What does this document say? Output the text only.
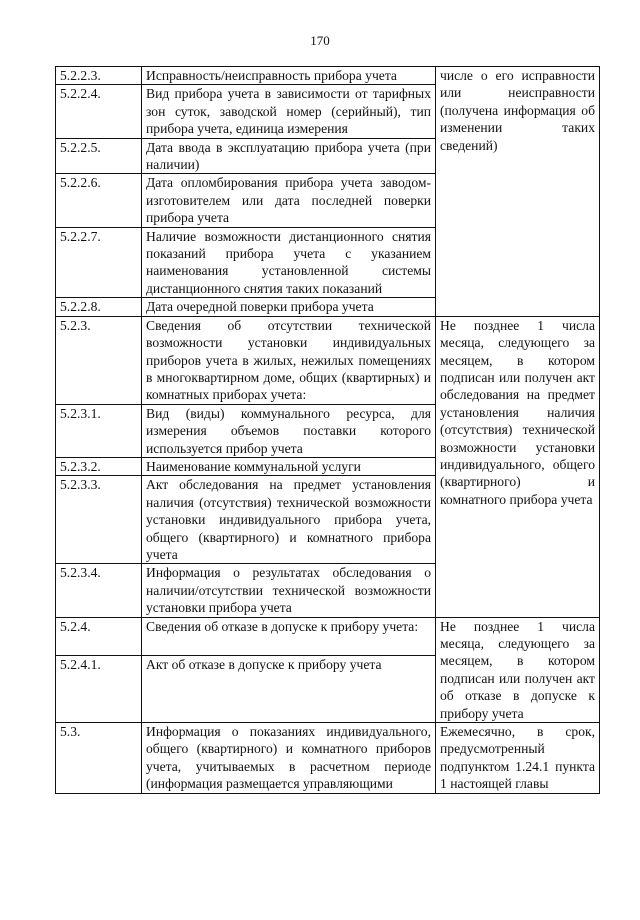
170
5.2.2.3.	Исправность/неисправность прибора учета	числе о его исправности или неисправности (получена информация об изменении таких сведений)
5.2.2.4.	Вид прибора учета в зависимости от тарифных зон суток, заводской номер (серийный), тип прибора учета, единица измерения	
5.2.2.5.	Дата ввода в эксплуатацию прибора учета (при наличии)	
5.2.2.6.	Дата опломбирования прибора учета заводом-изготовителем или дата последней поверки прибора учета	
5.2.2.7.	Наличие возможности дистанционного снятия показаний прибора учета с указанием наименования установленной системы дистанционного снятия таких показаний	
5.2.2.8.	Дата очередной поверки прибора учета	
5.2.3.	Сведения об отсутствии технической возможности установки индивидуальных приборов учета в жилых, нежилых помещениях в многоквартирном доме, общих (квартирных) и комнатных приборах учета:	Не позднее 1 числа месяца, следующего за месяцем, в котором подписан или получен акт обследования на предмет установления наличия (отсутствия) технической возможности установки индивидуального, общего (квартирного) и комнатного прибора учета
5.2.3.1.	Вид (виды) коммунального ресурса, для измерения объемов поставки которого используется прибор учета	
5.2.3.2.	Наименование коммунальной услуги	
5.2.3.3.	Акт обследования на предмет установления наличия (отсутствия) технической возможности установки индивидуального прибора учета, общего (квартирного) и комнатного прибора учета	
5.2.3.4.	Информация о результатах обследования о наличии/отсутствии технической возможности установки прибора учета	
5.2.4.	Сведения об отказе в допуске к прибору учета:	Не позднее 1 числа месяца, следующего за месяцем, в котором подписан или получен акт об отказе в допуске к прибору учета
5.2.4.1.	Акт об отказе в допуске к прибору учета	
5.3.	Информация о показаниях индивидуального, общего (квартирного) и комнатного приборов учета, учитываемых в расчетном периоде (информация размещается управляющими	Ежемесячно, в срок, предусмотренный подпунктом 1.24.1 пункта 1 настоящей главы
